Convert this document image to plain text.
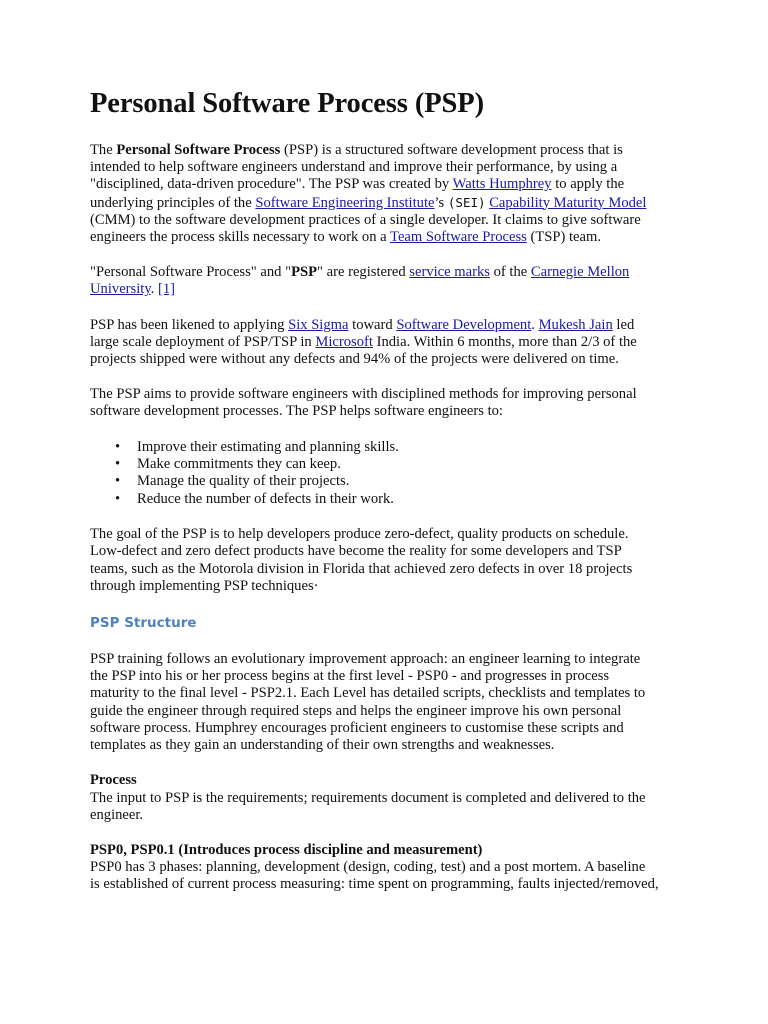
Personal Software Process (PSP)
The Personal Software Process (PSP) is a structured software development process that is
intended to help software engineers understand and improve their performance, by using a
"disciplined, data-driven procedure". The PSP was created by Watts Humphrey to apply the
underlying principles of the Software Engineering Institute’s (SEI) Capability Maturity Model
(CMM) to the software development practices of a single developer. It claims to give software
engineers the process skills necessary to work on a Team Software Process (TSP) team.
"Personal Software Process" and "PSP" are registered service marks of the Carnegie Mellon
University. [1]
PSP has been likened to applying Six Sigma toward Software Development. Mukesh Jain led
large scale deployment of PSP/TSP in Microsoft India. Within 6 months, more than 2/3 of the
projects shipped were without any defects and 94% of the projects were delivered on time.
The PSP aims to provide software engineers with disciplined methods for improving personal
software development processes. The PSP helps software engineers to:
• Improve their estimating and planning skills.
• Make commitments they can keep.
• Manage the quality of their projects.
• Reduce the number of defects in their work.
The goal of the PSP is to help developers produce zero-defect, quality products on schedule.
Low-defect and zero defect products have become the reality for some developers and TSP
teams, such as the Motorola division in Florida that achieved zero defects in over 18 projects
through implementing PSP techniques·
PSP Structure
PSP training follows an evolutionary improvement approach: an engineer learning to integrate
the PSP into his or her process begins at the first level - PSP0 - and progresses in process
maturity to the final level - PSP2.1. Each Level has detailed scripts, checklists and templates to
guide the engineer through required steps and helps the engineer improve his own personal
software process. Humphrey encourages proficient engineers to customise these scripts and
templates as they gain an understanding of their own strengths and weaknesses.
Process
The input to PSP is the requirements; requirements document is completed and delivered to the
engineer.
PSP0, PSP0.1 (Introduces process discipline and measurement)
PSP0 has 3 phases: planning, development (design, coding, test) and a post mortem. A baseline
is established of current process measuring: time spent on programming, faults injected/removed,
